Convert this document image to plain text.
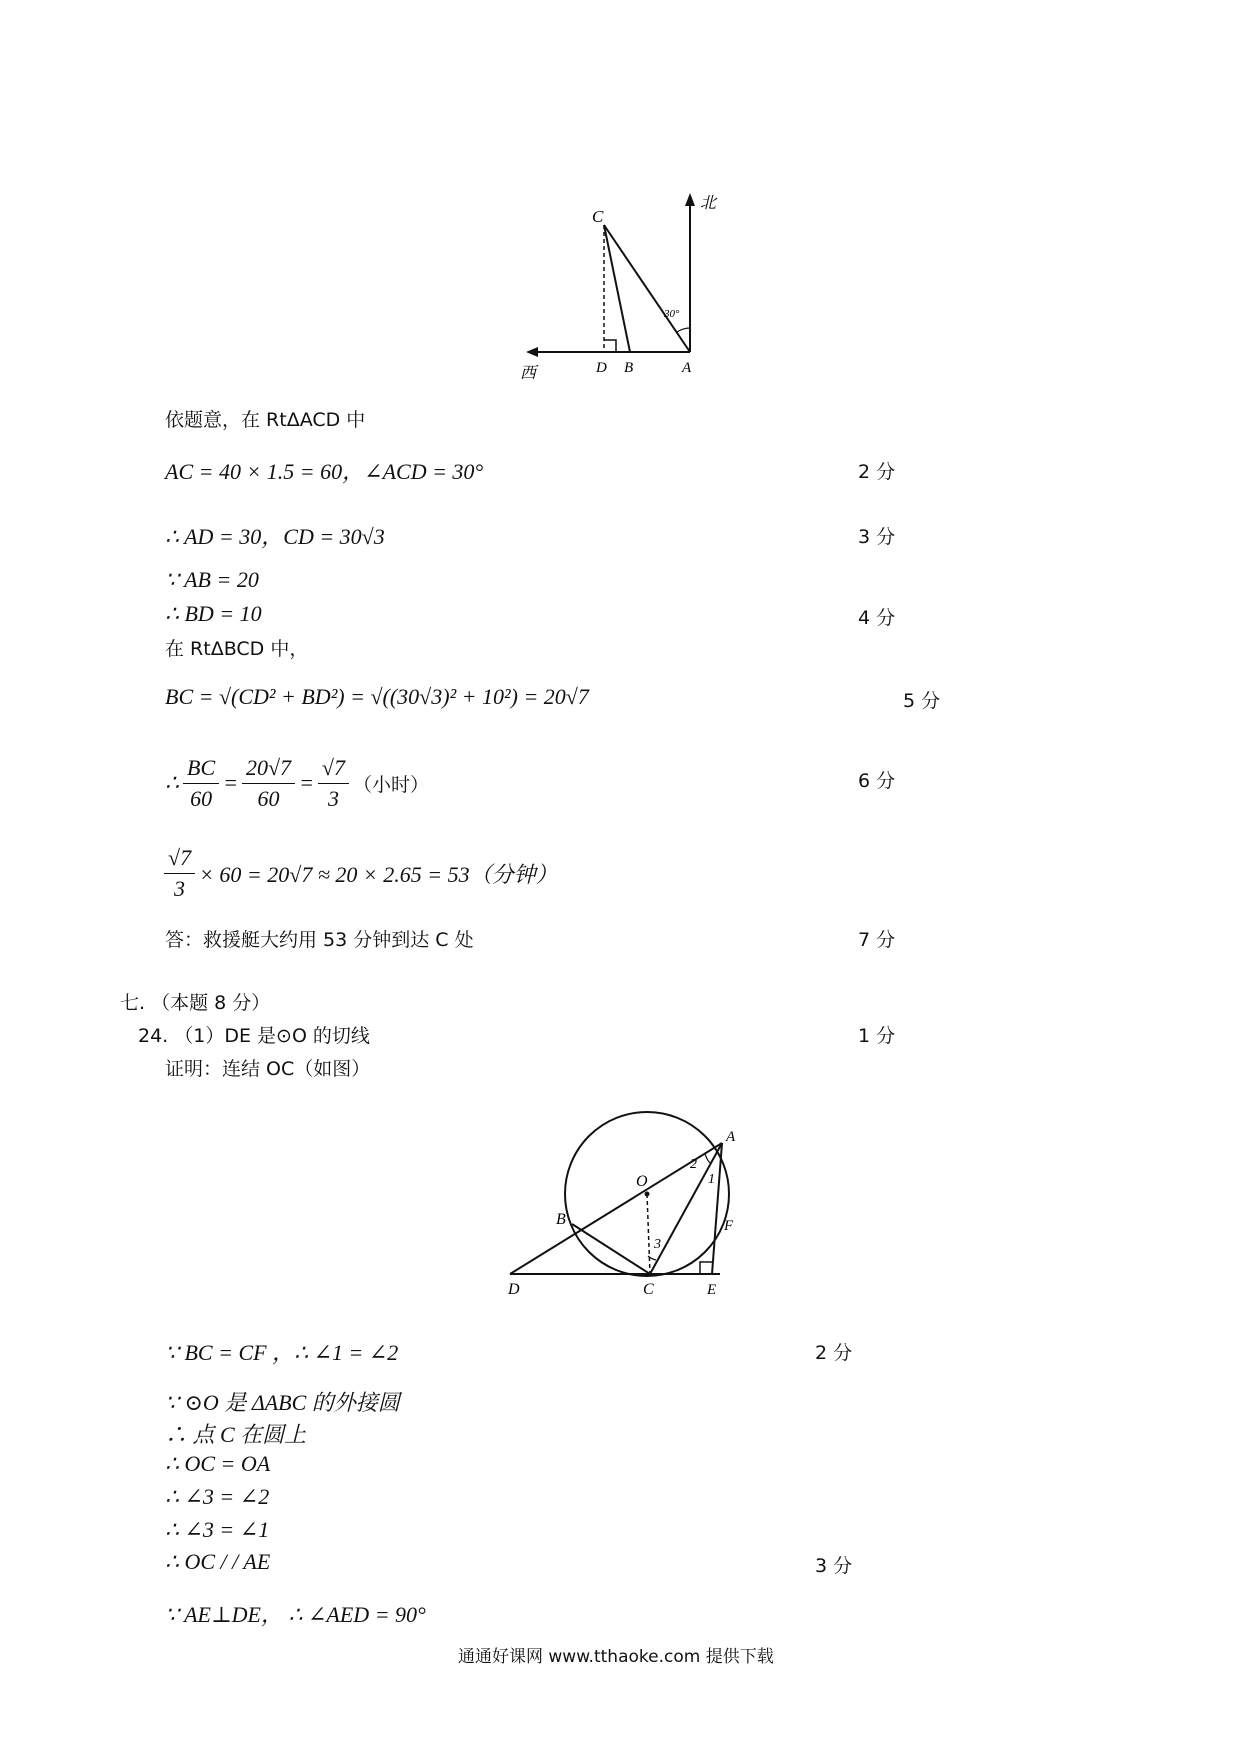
30°
C
D B	A
北
西
依题意，在 RtΔACD 中
AC = 40 × 1.5 = 60，∠ACD = 30°	2 分
∴ AD = 30，CD = 30√3	3 分
∵ AB = 20
∴ BD = 10	4 分
在 RtΔBCD 中，
BC = √(CD² + BD²) = √((30√3)² + 10²) = 20√7	5 分
∴ $\frac{BC}{60} = \frac{20√7}{60} = \frac{√7}{3}$ （小时）	6 分
$\frac{√7}{3} \times 60 = 20√7 \approx 20 \times 2.65 = 53$（分钟）
答：救援艇大约用 53 分钟到达 C 处	7 分
七. （本题 8 分）
24. （1）DE 是⊙O 的切线	1 分
证明：连结 OC（如图）
A
O
B
C
D	E
F
1
2
3
∵ BC = CF ，∴ ∠1 = ∠2	2 分
∵ ⊙O 是 ΔABC 的外接圆
∴ 点 C 在圆上
∴ OC = OA
∴ ∠3 = ∠2
∴ ∠3 = ∠1
∴ OC / / AE	3 分
∵ AE⊥DE， ∴ ∠AED = 90°
通通好课网 www.tthaoke.com 提供下载
